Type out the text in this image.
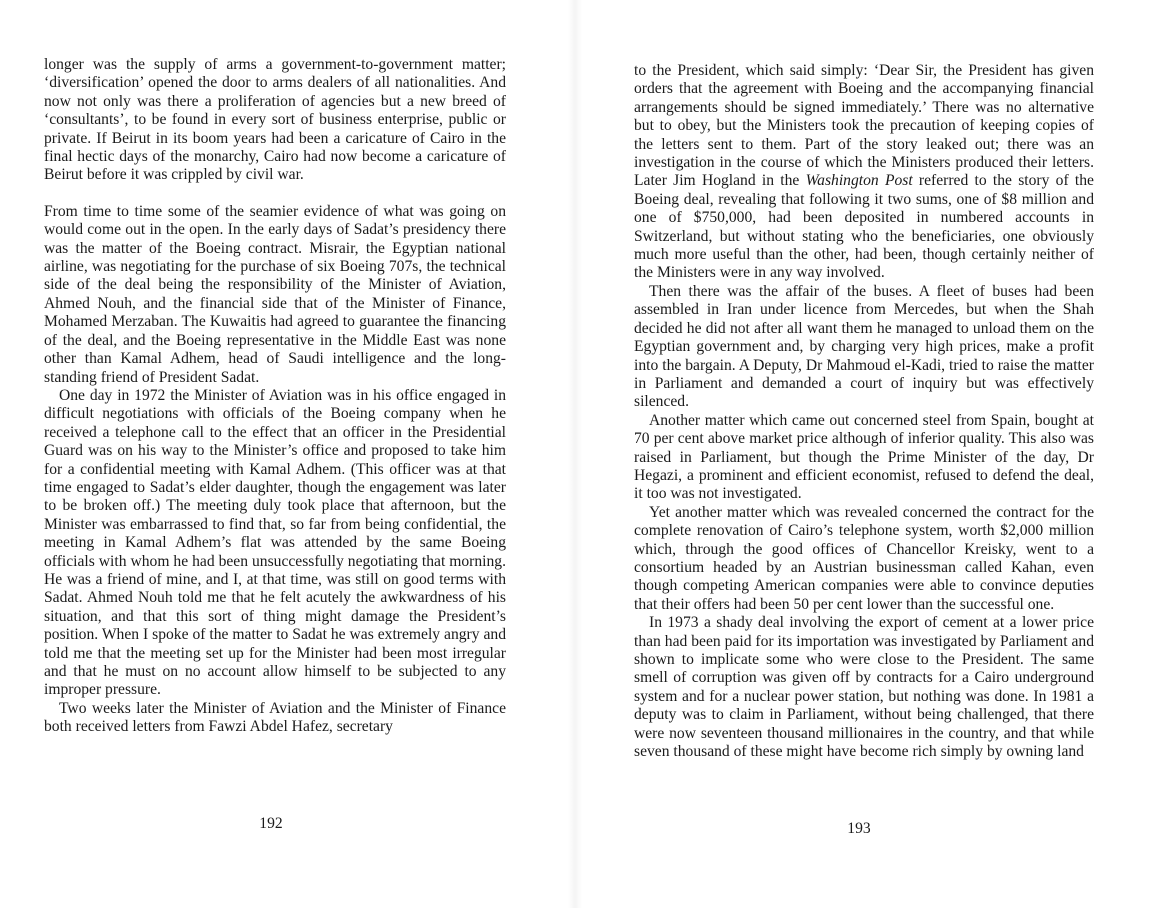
longer was the supply of arms a government-to-government matter; ‘diversification’ opened the door to arms dealers of all nationalities. And now not only was there a proliferation of agencies but a new breed of ‘consultants’, to be found in every sort of business enterprise, public or private. If Beirut in its boom years had been a caricature of Cairo in the final hectic days of the monarchy, Cairo had now become a caricature of Beirut before it was crippled by civil war.

From time to time some of the seamier evidence of what was going on would come out in the open. In the early days of Sadat’s presidency there was the matter of the Boeing contract. Misrair, the Egyptian national airline, was negotiating for the purchase of six Boeing 707s, the technical side of the deal being the responsibility of the Minister of Aviation, Ahmed Nouh, and the financial side that of the Minister of Finance, Mohamed Merzaban. The Kuwaitis had agreed to guarantee the financing of the deal, and the Boeing representative in the Middle East was none other than Kamal Adhem, head of Saudi intelligence and the long-standing friend of President Sadat.

One day in 1972 the Minister of Aviation was in his office engaged in difficult negotiations with officials of the Boeing company when he received a telephone call to the effect that an officer in the Presidential Guard was on his way to the Minister’s office and proposed to take him for a confidential meeting with Kamal Adhem. (This officer was at that time engaged to Sadat’s elder daughter, though the engagement was later to be broken off.) The meeting duly took place that afternoon, but the Minister was embarrassed to find that, so far from being confidential, the meeting in Kamal Adhem’s flat was attended by the same Boeing officials with whom he had been unsuccessfully negotiating that morning. He was a friend of mine, and I, at that time, was still on good terms with Sadat. Ahmed Nouh told me that he felt acutely the awkwardness of his situation, and that this sort of thing might damage the President’s position. When I spoke of the matter to Sadat he was extremely angry and told me that the meeting set up for the Minister had been most irregular and that he must on no account allow himself to be subjected to any improper pressure.

Two weeks later the Minister of Aviation and the Minister of Finance both received letters from Fawzi Abdel Hafez, secretary

192

to the President, which said simply: ‘Dear Sir, the President has given orders that the agreement with Boeing and the accompanying financial arrangements should be signed immediately.’ There was no alternative but to obey, but the Ministers took the precaution of keeping copies of the letters sent to them. Part of the story leaked out; there was an investigation in the course of which the Ministers produced their letters. Later Jim Hogland in the Washington Post referred to the story of the Boeing deal, revealing that following it two sums, one of $8 million and one of $750,000, had been deposited in numbered accounts in Switzerland, but without stating who the beneficiaries, one obviously much more useful than the other, had been, though certainly neither of the Ministers were in any way involved.

Then there was the affair of the buses. A fleet of buses had been assembled in Iran under licence from Mercedes, but when the Shah decided he did not after all want them he managed to unload them on the Egyptian government and, by charging very high prices, make a profit into the bargain. A Deputy, Dr Mahmoud el-Kadi, tried to raise the matter in Parliament and demanded a court of inquiry but was effectively silenced.

Another matter which came out concerned steel from Spain, bought at 70 per cent above market price although of inferior quality. This also was raised in Parliament, but though the Prime Minister of the day, Dr Hegazi, a prominent and efficient economist, refused to defend the deal, it too was not investigated.

Yet another matter which was revealed concerned the contract for the complete renovation of Cairo’s telephone system, worth $2,000 million which, through the good offices of Chancellor Kreisky, went to a consortium headed by an Austrian businessman called Kahan, even though competing American companies were able to convince deputies that their offers had been 50 per cent lower than the successful one.

In 1973 a shady deal involving the export of cement at a lower price than had been paid for its importation was investigated by Parliament and shown to implicate some who were close to the President. The same smell of corruption was given off by contracts for a Cairo underground system and for a nuclear power station, but nothing was done. In 1981 a deputy was to claim in Parliament, without being challenged, that there were now seventeen thousand millionaires in the country, and that while seven thousand of these might have become rich simply by owning land

193
